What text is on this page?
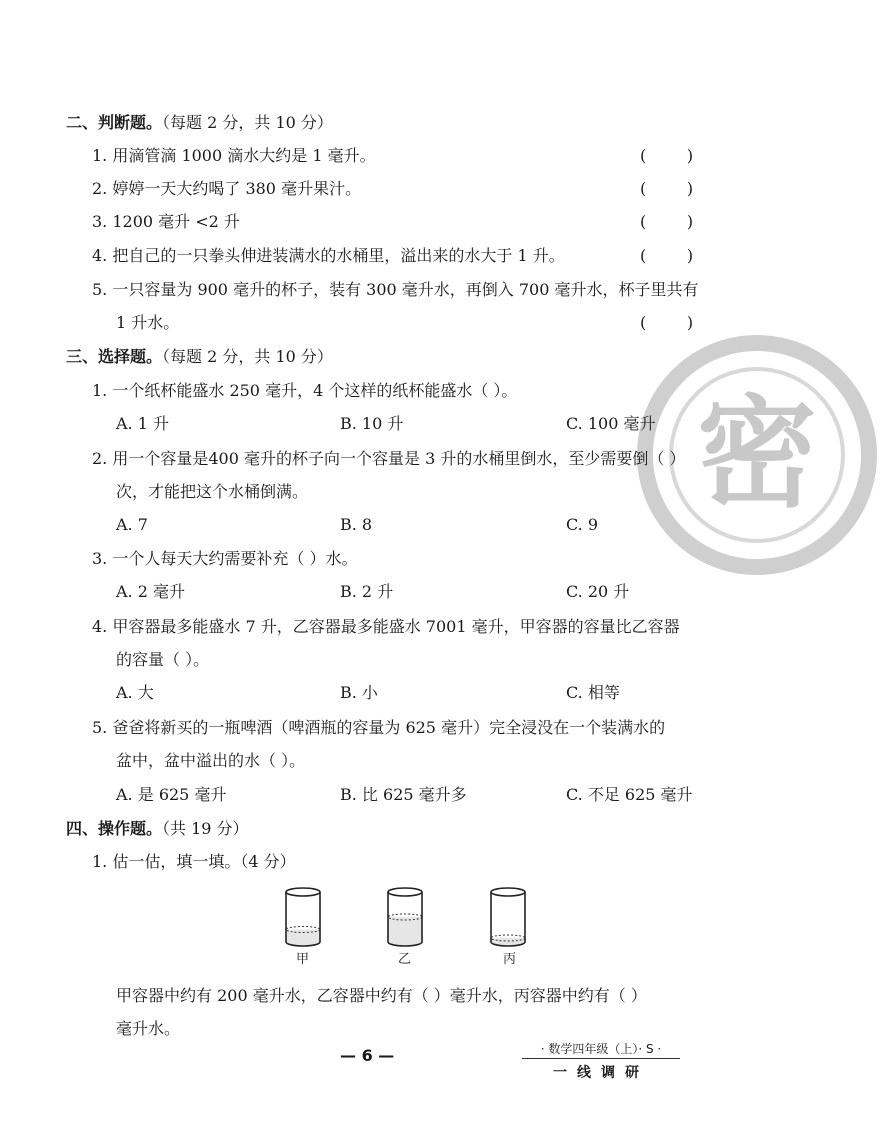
密
二、判断题。（每题 2 分，共 10 分）
1. 用滴管滴 1000 滴水大约是 1 毫升。	(        )
2. 婷婷一天大约喝了 380 毫升果汁。	(        )
3. 1200 毫升 <2 升	(        )
4. 把自己的一只拳头伸进装满水的水桶里，溢出来的水大于 1 升。	(        )
5. 一只容量为 900 毫升的杯子，装有 300 毫升水，再倒入 700 毫升水，杯子里共有
1 升水。	(        )
三、选择题。（每题 2 分，共 10 分）
1. 一个纸杯能盛水 250 毫升，4 个这样的纸杯能盛水（ ）。
A. 1 升	B. 10 升	C. 100 毫升
2. 用一个容量是400 毫升的杯子向一个容量是 3 升的水桶里倒水，至少需要倒（ ）
次，才能把这个水桶倒满。
A. 7	B. 8	C. 9
3. 一个人每天大约需要补充（ ）水。
A. 2 毫升	B. 2 升	C. 20 升
4. 甲容器最多能盛水 7 升，乙容器最多能盛水 7001 毫升，甲容器的容量比乙容器
的容量（ ）。
A. 大	B. 小	C. 相等
5. 爸爸将新买的一瓶啤酒（啤酒瓶的容量为 625 毫升）完全浸没在一个装满水的
盆中，盆中溢出的水（ ）。
A. 是 625 毫升	B. 比 625 毫升多	C. 不足 625 毫升
四、操作题。（共 19 分）
1. 估一估，填一填。（4 分）
甲	乙	丙
甲容器中约有 200 毫升水，乙容器中约有（ ）毫升水，丙容器中约有（ ）
毫升水。
— 6 —	· 数学四年级（上）· S ·
一线调研
